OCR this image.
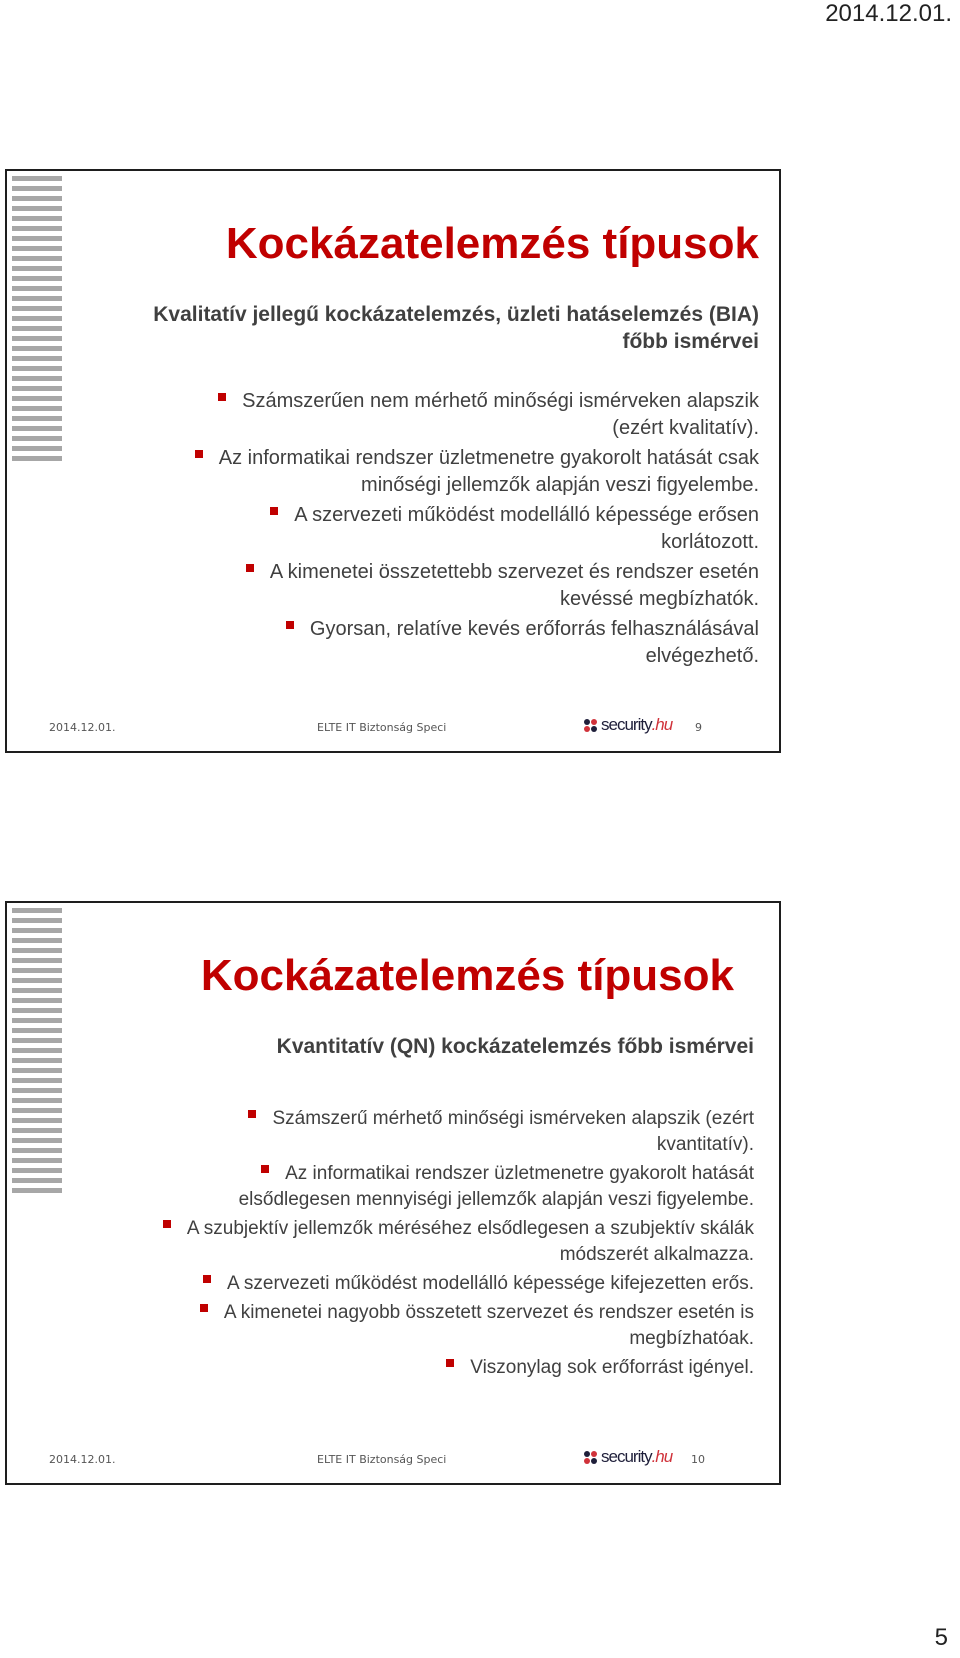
2014.12.01.
Kockázatelemzés típusok
Kvalitatív jellegű kockázatelemzés, üzleti hatáselemzés (BIA)
főbb ismérvei
Számszerűen nem mérhető minőségi ismérveken alapszik
(ezért kvalitatív).
Az informatikai rendszer üzletmenetre gyakorolt hatását csak
minőségi jellemzők alapján veszi figyelembe.
A szervezeti működést modellálló képessége erősen
korlátozott.
A kimenetei összetettebb szervezet és rendszer esetén
kevéssé megbízhatók.
Gyorsan, relatíve kevés erőforrás felhasználásával
elvégezhető.
2014.12.01.	ELTE IT Biztonság Speci	security.hu 9
Kockázatelemzés típusok
Kvantitatív (QN) kockázatelemzés főbb ismérvei
Számszerű mérhető minőségi ismérveken alapszik (ezért
kvantitatív).
Az informatikai rendszer üzletmenetre gyakorolt hatását
elsődlegesen mennyiségi jellemzők alapján veszi figyelembe.
A szubjektív jellemzők méréséhez elsődlegesen a szubjektív skálák
módszerét alkalmazza.
A szervezeti működést modellálló képessége kifejezetten erős.
A kimenetei nagyobb összetett szervezet és rendszer esetén is
megbízhatóak.
Viszonylag sok erőforrást igényel.
2014.12.01.	ELTE IT Biztonság Speci	security.hu 10
5
